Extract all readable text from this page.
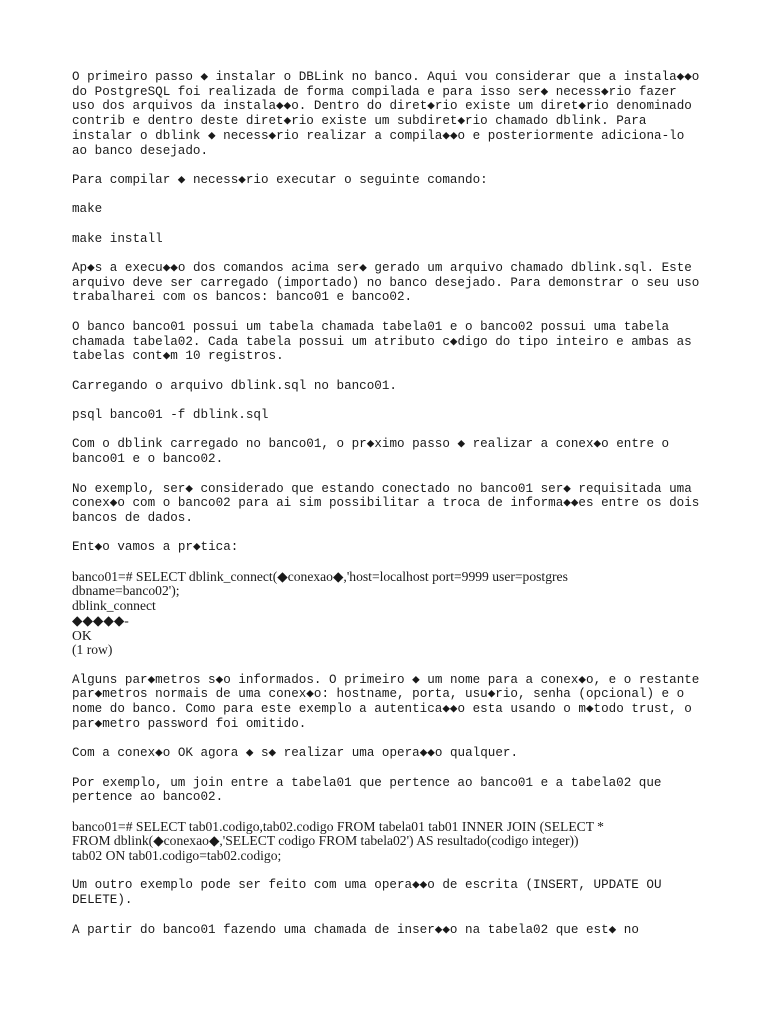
O primeiro passo ◆ instalar o DBLink no banco. Aqui vou considerar que a instala◆◆o
do PostgreSQL foi realizada de forma compilada e para isso ser◆ necess◆rio fazer
uso dos arquivos da instala◆◆o. Dentro do diret◆rio existe um diret◆rio denominado
contrib e dentro deste diret◆rio existe um subdiret◆rio chamado dblink. Para
instalar o dblink ◆ necess◆rio realizar a compila◆◆o e posteriormente adiciona-lo
ao banco desejado.
Para compilar ◆ necess◆rio executar o seguinte comando:
make
make install
Ap◆s a execu◆◆o dos comandos acima ser◆ gerado um arquivo chamado dblink.sql. Este
arquivo deve ser carregado (importado) no banco desejado. Para demonstrar o seu uso
trabalharei com os bancos: banco01 e banco02.
O banco banco01 possui um tabela chamada tabela01 e o banco02 possui uma tabela
chamada tabela02. Cada tabela possui um atributo c◆digo do tipo inteiro e ambas as
tabelas cont◆m 10 registros.
Carregando o arquivo dblink.sql no banco01.
psql banco01 -f dblink.sql
Com o dblink carregado no banco01, o pr◆ximo passo ◆ realizar a conex◆o entre o
banco01 e o banco02.
No exemplo, ser◆ considerado que estando conectado no banco01 ser◆ requisitada uma
conex◆o com o banco02 para ai sim possibilitar a troca de informa◆◆es entre os dois
bancos de dados.
Ent◆o vamos a pr◆tica:
banco01=# SELECT dblink_connect(◆conexao◆,'host=localhost port=9999 user=postgres
dbname=banco02');
dblink_connect
◆◆◆◆◆-
OK
(1 row)
Alguns par◆metros s◆o informados. O primeiro ◆ um nome para a conex◆o, e o restante
par◆metros normais de uma conex◆o: hostname, porta, usu◆rio, senha (opcional) e o
nome do banco. Como para este exemplo a autentica◆◆o esta usando o m◆todo trust, o
par◆metro password foi omitido.
Com a conex◆o OK agora ◆ s◆ realizar uma opera◆◆o qualquer.
Por exemplo, um join entre a tabela01 que pertence ao banco01 e a tabela02 que
pertence ao banco02.
banco01=# SELECT tab01.codigo,tab02.codigo FROM tabela01 tab01 INNER JOIN (SELECT *
FROM dblink(◆conexao◆,'SELECT codigo FROM tabela02') AS resultado(codigo integer))
tab02 ON tab01.codigo=tab02.codigo;
Um outro exemplo pode ser feito com uma opera◆◆o de escrita (INSERT, UPDATE OU
DELETE).
A partir do banco01 fazendo uma chamada de inser◆◆o na tabela02 que est◆ no
